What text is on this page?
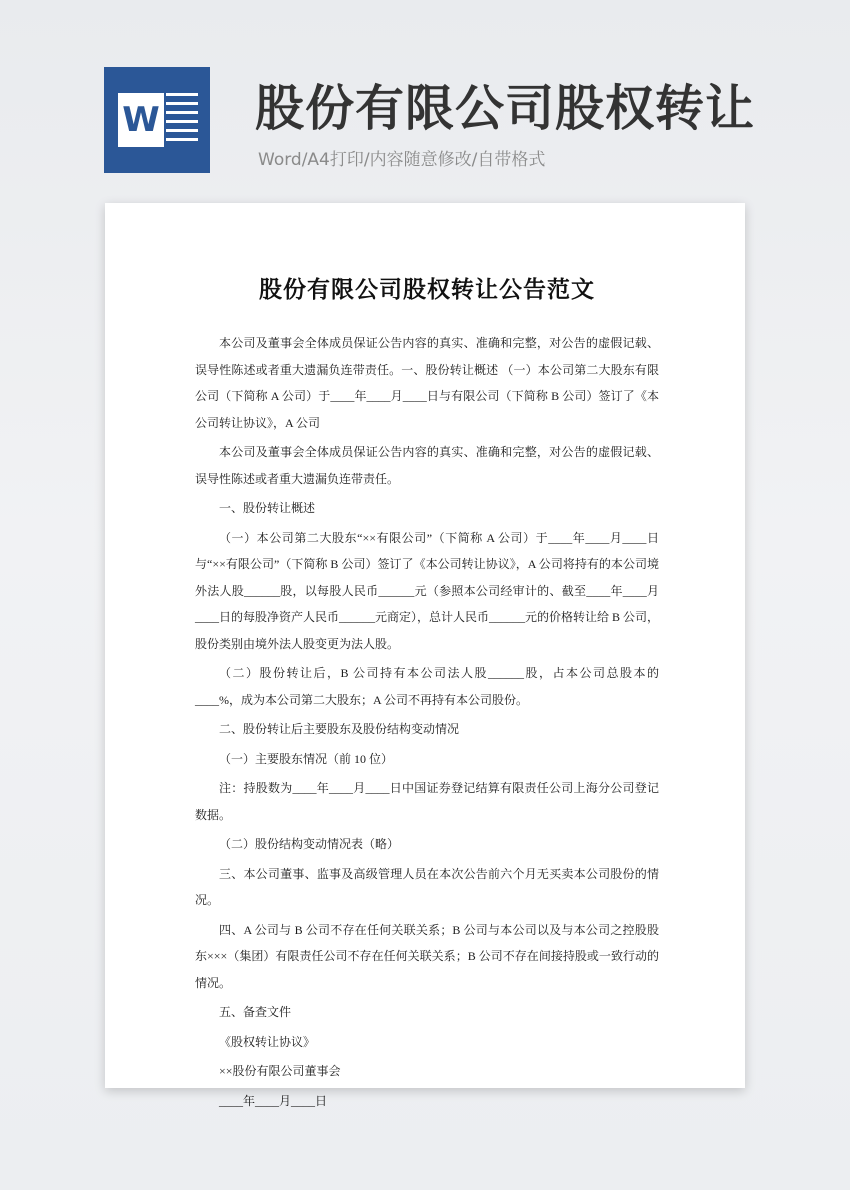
W 股份有限公司股权转让

Word/A4打印/内容随意修改/自带格式

股份有限公司股权转让公告范文

本公司及董事会全体成员保证公告内容的真实、准确和完整，对公告的虚假记载、误导性陈述或者重大遗漏负连带责任。一、股份转让概述 （一）本公司第二大股东有限公司（下简称 A 公司）于____年____月____日与有限公司（下简称 B 公司）签订了《本公司转让协议》，A 公司

本公司及董事会全体成员保证公告内容的真实、准确和完整，对公告的虚假记载、误导性陈述或者重大遗漏负连带责任。

一、股份转让概述

（一）本公司第二大股东“××有限公司”（下简称 A 公司）于____年____月____日与“××有限公司”（下简称 B 公司）签订了《本公司转让协议》，A 公司将持有的本公司境外法人股______股，以每股人民币______元（参照本公司经审计的、截至____年____月____日的每股净资产人民币______元商定），总计人民币______元的价格转让给 B 公司，股份类别由境外法人股变更为法人股。

（二）股份转让后，B 公司持有本公司法人股______股，占本公司总股本的____%，成为本公司第二大股东；A 公司不再持有本公司股份。

二、股份转让后主要股东及股份结构变动情况

（一）主要股东情况（前 10 位）

注：持股数为____年____月____日中国证券登记结算有限责任公司上海分公司登记数据。

（二）股份结构变动情况表（略）

三、本公司董事、监事及高级管理人员在本次公告前六个月无买卖本公司股份的情况。

四、A 公司与 B 公司不存在任何关联关系；B 公司与本公司以及与本公司之控股股东×××（集团）有限责任公司不存在任何关联关系；B 公司不存在间接持股或一致行动的情况。

五、备查文件

《股权转让协议》

××股份有限公司董事会

____年____月____日
